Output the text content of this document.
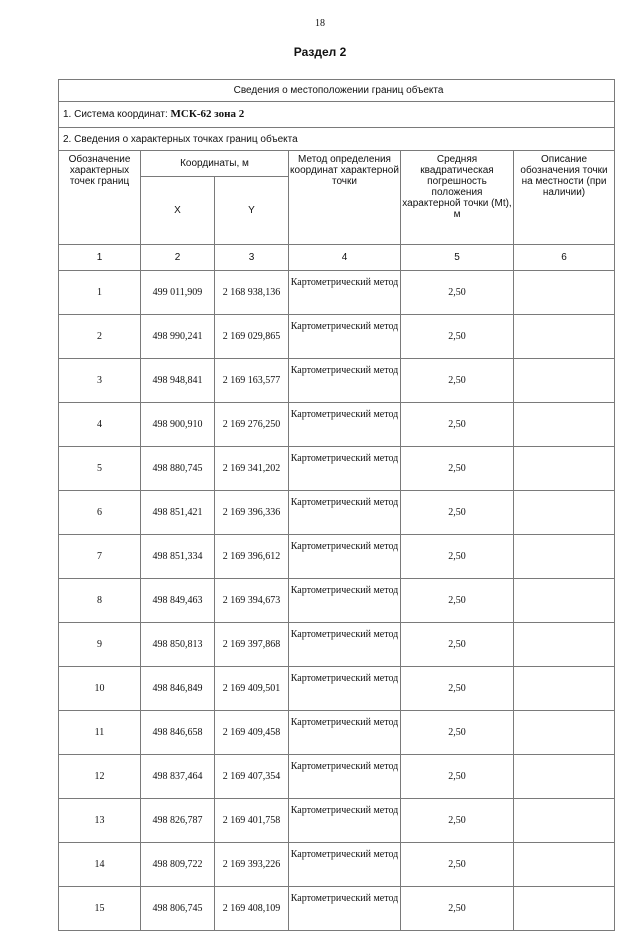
18
Раздел 2
Сведения о местоположении границ объекта					
1. Система координат: МСК-62 зона 2					
2. Сведения о характерных точках границ объекта					
Обозначение характерных точек границ	Координаты, м		Метод определения координат характерной точки	Средняя квадратическая погрешность положения характерной точки (Mt), м	Описание обозначения точки на местности (при наличии)
	X	Y			
1	2	3	4	5	6
1	499 011,909	2 168 938,136	Картометрический метод	2,50	
2	498 990,241	2 169 029,865	Картометрический метод	2,50	
3	498 948,841	2 169 163,577	Картометрический метод	2,50	
4	498 900,910	2 169 276,250	Картометрический метод	2,50	
5	498 880,745	2 169 341,202	Картометрический метод	2,50	
6	498 851,421	2 169 396,336	Картометрический метод	2,50	
7	498 851,334	2 169 396,612	Картометрический метод	2,50	
8	498 849,463	2 169 394,673	Картометрический метод	2,50	
9	498 850,813	2 169 397,868	Картометрический метод	2,50	
10	498 846,849	2 169 409,501	Картометрический метод	2,50	
11	498 846,658	2 169 409,458	Картометрический метод	2,50	
12	498 837,464	2 169 407,354	Картометрический метод	2,50	
13	498 826,787	2 169 401,758	Картометрический метод	2,50	
14	498 809,722	2 169 393,226	Картометрический метод	2,50	
15	498 806,745	2 169 408,109	Картометрический метод	2,50	
